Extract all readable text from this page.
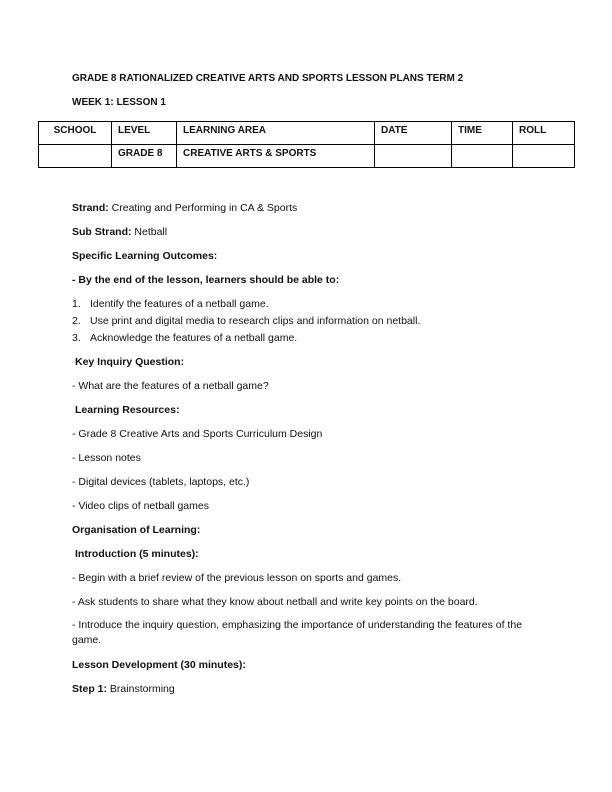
GRADE 8 RATIONALIZED CREATIVE ARTS AND SPORTS LESSON PLANS TERM 2
WEEK 1: LESSON 1
SCHOOL	LEVEL	LEARNING AREA	DATE	TIME	ROLL
	GRADE 8	CREATIVE ARTS & SPORTS			
Strand: Creating and Performing in CA & Sports
Sub Strand: Netball
Specific Learning Outcomes:
- By the end of the lesson, learners should be able to:
1. Identify the features of a netball game.
2. Use print and digital media to research clips and information on netball.
3. Acknowledge the features of a netball game.
Key Inquiry Question:
- What are the features of a netball game?
Learning Resources:
- Grade 8 Creative Arts and Sports Curriculum Design
- Lesson notes
- Digital devices (tablets, laptops, etc.)
- Video clips of netball games
Organisation of Learning:
Introduction (5 minutes):
- Begin with a brief review of the previous lesson on sports and games.
- Ask students to share what they know about netball and write key points on the board.
- Introduce the inquiry question, emphasizing the importance of understanding the features of the game.
Lesson Development (30 minutes):
Step 1: Brainstorming
